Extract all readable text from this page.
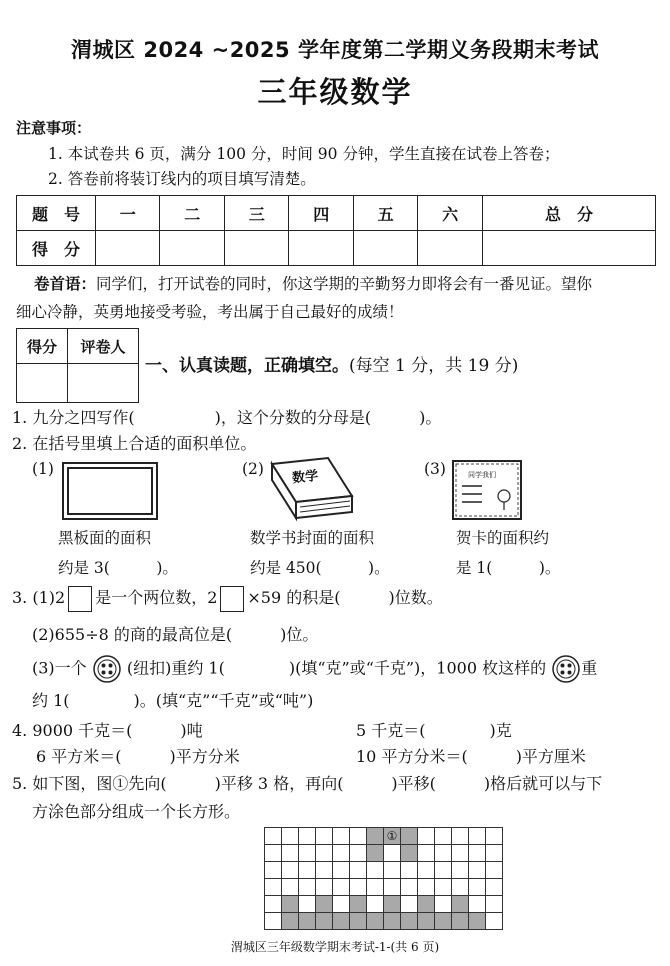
渭城区 2024 ~2025 学年度第二学期义务段期末考试
三年级数学
注意事项：
1. 本试卷共 6 页，满分 100 分，时间 90 分钟，学生直接在试卷上答卷；
2. 答卷前将装订线内的项目填写清楚。
题　号	一	二	三	四	五	六	总　分
得　分							
卷首语：同学们，打开试卷的同时，你这学期的辛勤努力即将会有一番见证。望你
细心冷静，英勇地接受考验，考出属于自己最好的成绩！
得分	评卷人

一、认真读题，正确填空。(每空 1 分，共 19 分)
1. 九分之四写作(　　　　　)，这个分数的分母是(　　　)。
2. 在括号里填上合适的面积单位。
(1)
黑板面的面积
约是 3(　　　)。
(2) 数学
数学书封面的面积
约是 450(　　　)。
(3)	同学我们
贺卡的面积约
是 1(　　　)。
3. (1)2 是一个两位数，2 ×59 的积是(　　　)位数。
(2)655÷8 的商的最高位是(　　　)位。
(3)一个	(纽扣)重约 1(　　　　)(填“克”或“千克”)，1000 枚这样的 重
约 1(　　　　)。(填“克”“千克”或“吨”)
4. 9000 千克＝(　　　)吨	5 千克＝(　　　　)克
6 平方米＝(　　　)平方分米	10 平方分米＝(　　　)平方厘米
5. 如下图，图①先向(　　　)平移 3 格，再向(　　　)平移(　　　)格后就可以与下
方涂色部分组成一个长方形。
①
渭城区三年级数学期末考试-1-(共 6 页)
